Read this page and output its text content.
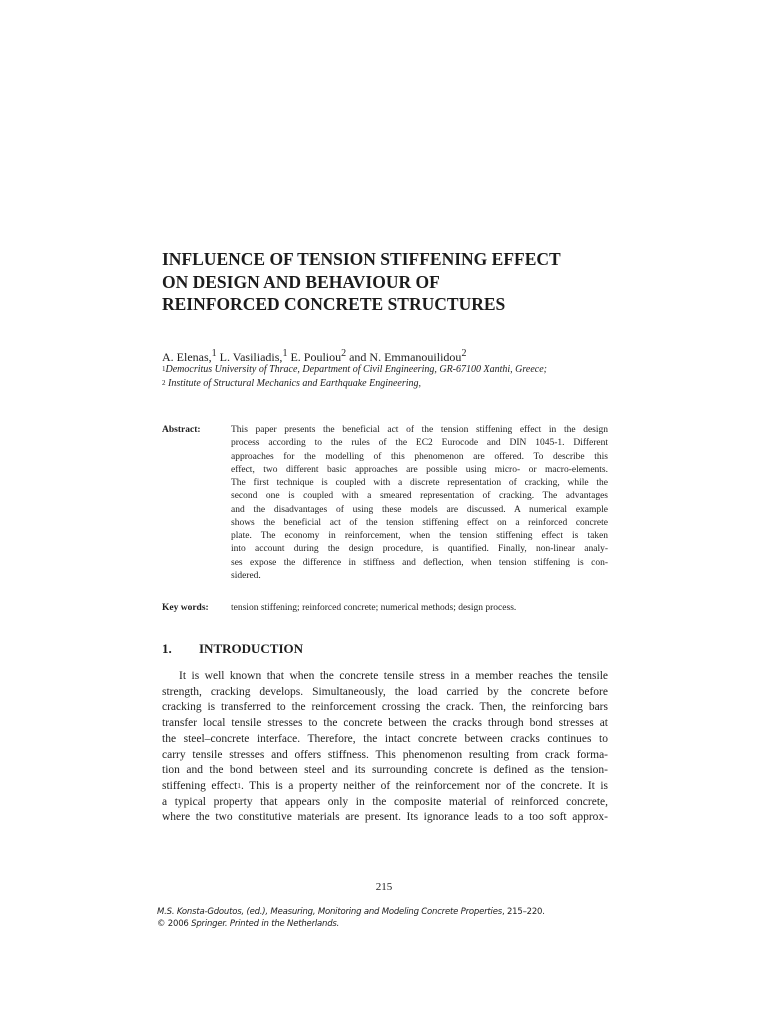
INFLUENCE OF TENSION STIFFENING EFFECT
ON DESIGN AND BEHAVIOUR OF
REINFORCED CONCRETE STRUCTURES
A. Elenas,$^1$ L. Vasiliadis,$^1$ E. Pouliou$^2$ and N. Emmanouilidou$^2$
$^1$Democritus University of Thrace, Department of Civil Engineering, GR-67100 Xanthi, Greece;
$^2$ Institute of Structural Mechanics and Earthquake Engineering,
Abstract:	This paper presents the beneficial act of the tension stiffening effect in the design
process according to the rules of the EC2 Eurocode and DIN 1045-1. Different
approaches for the modelling of this phenomenon are offered. To describe this
effect, two different basic approaches are possible using micro- or macro-elements.
The first technique is coupled with a discrete representation of cracking, while the
second one is coupled with a smeared representation of cracking. The advantages
and the disadvantages of using these models are discussed. A numerical example
shows the beneficial act of the tension stiffening effect on a reinforced concrete
plate. The economy in reinforcement, when the tension stiffening effect is taken
into account during the design procedure, is quantified. Finally, non-linear analy-
ses expose the difference in stiffness and deflection, when tension stiffening is con-
sidered.
Key words: tension stiffening; reinforced concrete; numerical methods; design process.
1. INTRODUCTION
It is well known that when the concrete tensile stress in a member reaches the tensile
strength, cracking develops. Simultaneously, the load carried by the concrete before
cracking is transferred to the reinforcement crossing the crack. Then, the reinforcing bars
transfer local tensile stresses to the concrete between the cracks through bond stresses at
the steel–concrete interface. Therefore, the intact concrete between cracks continues to
carry tensile stresses and offers stiffness. This phenomenon resulting from crack forma-
tion and the bond between steel and its surrounding concrete is defined as the tension-
stiffening effect$^1$. This is a property neither of the reinforcement nor of the concrete. It is
a typical property that appears only in the composite material of reinforced concrete,
where the two constitutive materials are present. Its ignorance leads to a too soft approx-
215
M.S. Konsta-Gdoutos, (ed.), Measuring, Monitoring and Modeling Concrete Properties, 215–220.
© 2006 Springer. Printed in the Netherlands.
